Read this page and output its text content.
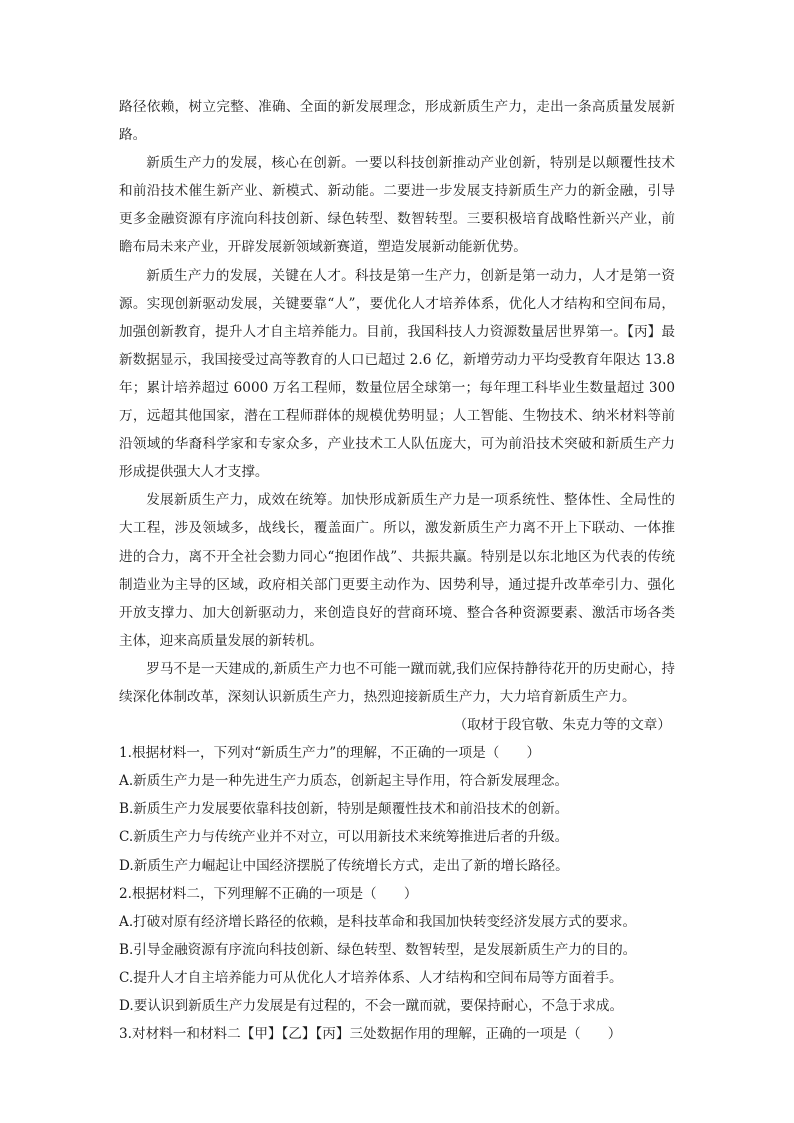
路径依赖，树立完整、准确、全面的新发展理念，形成新质生产力，走出一条高质量发展新路。

新质生产力的发展，核心在创新。一要以科技创新推动产业创新，特别是以颠覆性技术和前沿技术催生新产业、新模式、新动能。二要进一步发展支持新质生产力的新金融，引导更多金融资源有序流向科技创新、绿色转型、数智转型。三要积极培育战略性新兴产业，前瞻布局未来产业，开辟发展新领域新赛道，塑造发展新动能新优势。

新质生产力的发展，关键在人才。科技是第一生产力，创新是第一动力，人才是第一资源。实现创新驱动发展，关键要靠“人”，要优化人才培养体系，优化人才结构和空间布局，加强创新教育，提升人才自主培养能力。目前，我国科技人力资源数量居世界第一。【丙】最新数据显示，我国接受过高等教育的人口已超过 2.6 亿，新增劳动力平均受教育年限达 13.8 年；累计培养超过 6000 万名工程师，数量位居全球第一；每年理工科毕业生数量超过 300 万，远超其他国家，潜在工程师群体的规模优势明显；人工智能、生物技术、纳米材料等前沿领域的华裔科学家和专家众多，产业技术工人队伍庞大，可为前沿技术突破和新质生产力形成提供强大人才支撑。

发展新质生产力，成效在统筹。加快形成新质生产力是一项系统性、整体性、全局性的大工程，涉及领域多，战线长，覆盖面广。所以，激发新质生产力离不开上下联动、一体推进的合力，离不开全社会勠力同心“抱团作战”、共振共赢。特别是以东北地区为代表的传统制造业为主导的区域，政府相关部门更要主动作为、因势利导，通过提升改革牵引力、强化开放支撑力、加大创新驱动力，来创造良好的营商环境、整合各种资源要素、激活市场各类主体，迎来高质量发展的新转机。

罗马不是一天建成的,新质生产力也不可能一蹴而就,我们应保持静待花开的历史耐心，持续深化体制改革，深刻认识新质生产力，热烈迎接新质生产力，大力培育新质生产力。

（取材于段官敬、朱克力等的文章）

1.根据材料一，下列对“新质生产力”的理解，不正确的一项是（　　）

A.新质生产力是一种先进生产力质态，创新起主导作用，符合新发展理念。

B.新质生产力发展要依靠科技创新，特别是颠覆性技术和前沿技术的创新。

C.新质生产力与传统产业并不对立，可以用新技术来统筹推进后者的升级。

D.新质生产力崛起让中国经济摆脱了传统增长方式，走出了新的增长路径。

2.根据材料二，下列理解不正确的一项是（　　）

A.打破对原有经济增长路径的依赖，是科技革命和我国加快转变经济发展方式的要求。

B.引导金融资源有序流向科技创新、绿色转型、数智转型，是发展新质生产力的目的。

C.提升人才自主培养能力可从优化人才培养体系、人才结构和空间布局等方面着手。

D.要认识到新质生产力发展是有过程的，不会一蹴而就，要保持耐心，不急于求成。

3.对材料一和材料二【甲】【乙】【丙】三处数据作用的理解，正确的一项是（　　）
